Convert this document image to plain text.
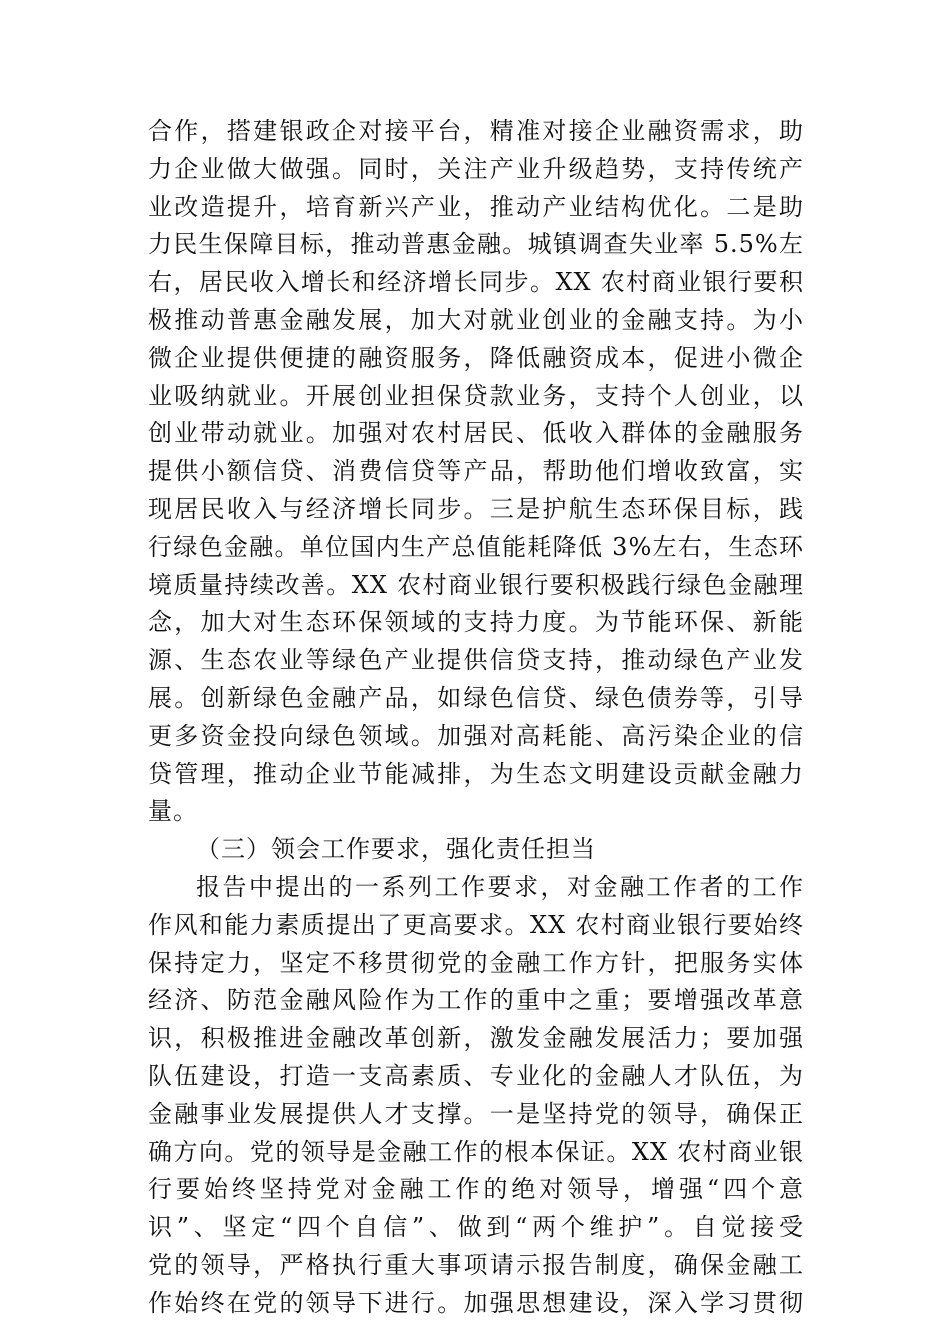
合作，搭建银政企对接平台，精准对接企业融资需求，助
力企业做大做强。同时，关注产业升级趋势，支持传统产
业改造提升，培育新兴产业，推动产业结构优化。二是助
力民生保障目标，推动普惠金融。城镇调查失业率 5.5%左
右，居民收入增长和经济增长同步。XX 农村商业银行要积
极推动普惠金融发展，加大对就业创业的金融支持。为小
微企业提供便捷的融资服务，降低融资成本，促进小微企
业吸纳就业。开展创业担保贷款业务，支持个人创业，以
创业带动就业。加强对农村居民、低收入群体的金融服务
提供小额信贷、消费信贷等产品，帮助他们增收致富，实
现居民收入与经济增长同步。三是护航生态环保目标，践
行绿色金融。单位国内生产总值能耗降低 3%左右，生态环
境质量持续改善。XX 农村商业银行要积极践行绿色金融理
念，加大对生态环保领域的支持力度。为节能环保、新能
源、生态农业等绿色产业提供信贷支持，推动绿色产业发
展。创新绿色金融产品，如绿色信贷、绿色债券等，引导
更多资金投向绿色领域。加强对高耗能、高污染企业的信
贷管理，推动企业节能减排，为生态文明建设贡献金融力
量。
（三）领会工作要求，强化责任担当
报告中提出的一系列工作要求，对金融工作者的工作
作风和能力素质提出了更高要求。XX 农村商业银行要始终
保持定力，坚定不移贯彻党的金融工作方针，把服务实体
经济、防范金融风险作为工作的重中之重；要增强改革意
识，积极推进金融改革创新，激发金融发展活力；要加强
队伍建设，打造一支高素质、专业化的金融人才队伍，为
金融事业发展提供人才支撑。一是坚持党的领导，确保正
确方向。党的领导是金融工作的根本保证。XX 农村商业银
行要始终坚持党对金融工作的绝对领导，增强“四个意
识”、坚定“四个自信”、做到“两个维护”。自觉接受
党的领导，严格执行重大事项请示报告制度，确保金融工
作始终在党的领导下进行。加强思想建设，深入学习贯彻
